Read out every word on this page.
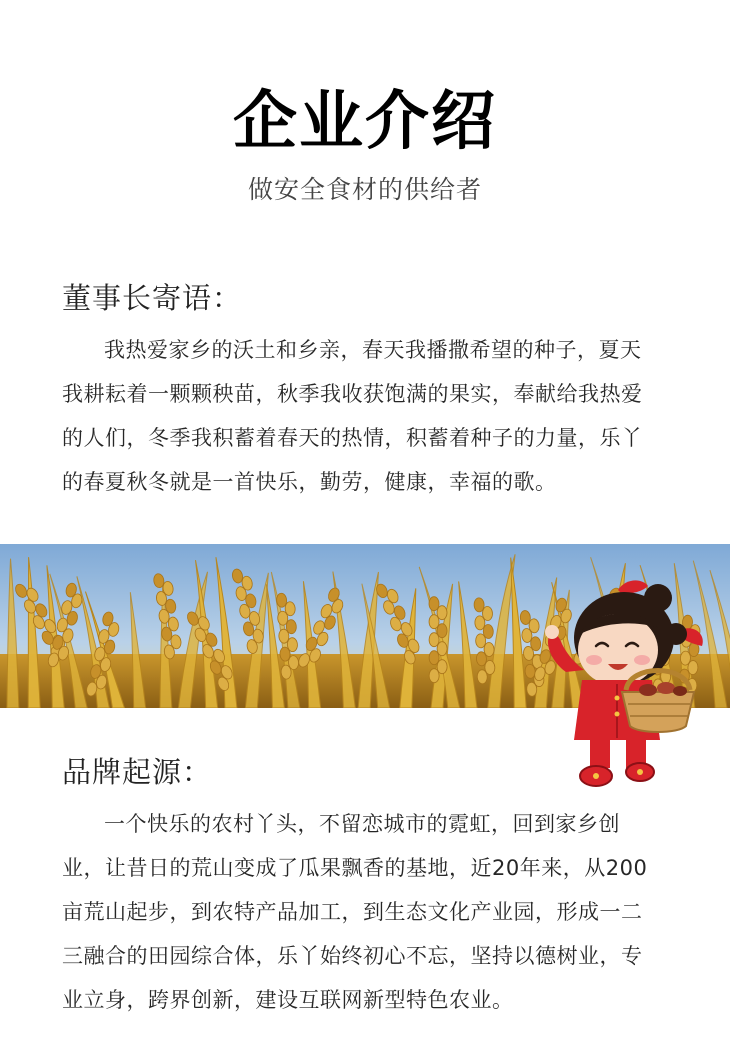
企业介绍
做安全食材的供给者
董事长寄语：

我热爱家乡的沃土和乡亲，春天我播撒希望的种子，夏天我耕耘着一颗颗秧苗，秋季我收获饱满的果实，奉献给我热爱的人们，冬季我积蓄着春天的热情，积蓄着种子的力量，乐丫的春夏秋冬就是一首快乐，勤劳，健康，幸福的歌。

品牌起源：

一个快乐的农村丫头，不留恋城市的霓虹，回到家乡创业，让昔日的荒山变成了瓜果飘香的基地，近20年来，从200亩荒山起步，到农特产品加工，到生态文化产业园，形成一二三融合的田园综合体，乐丫始终初心不忘，坚持以德树业，专业立身，跨界创新，建设互联网新型特色农业。
